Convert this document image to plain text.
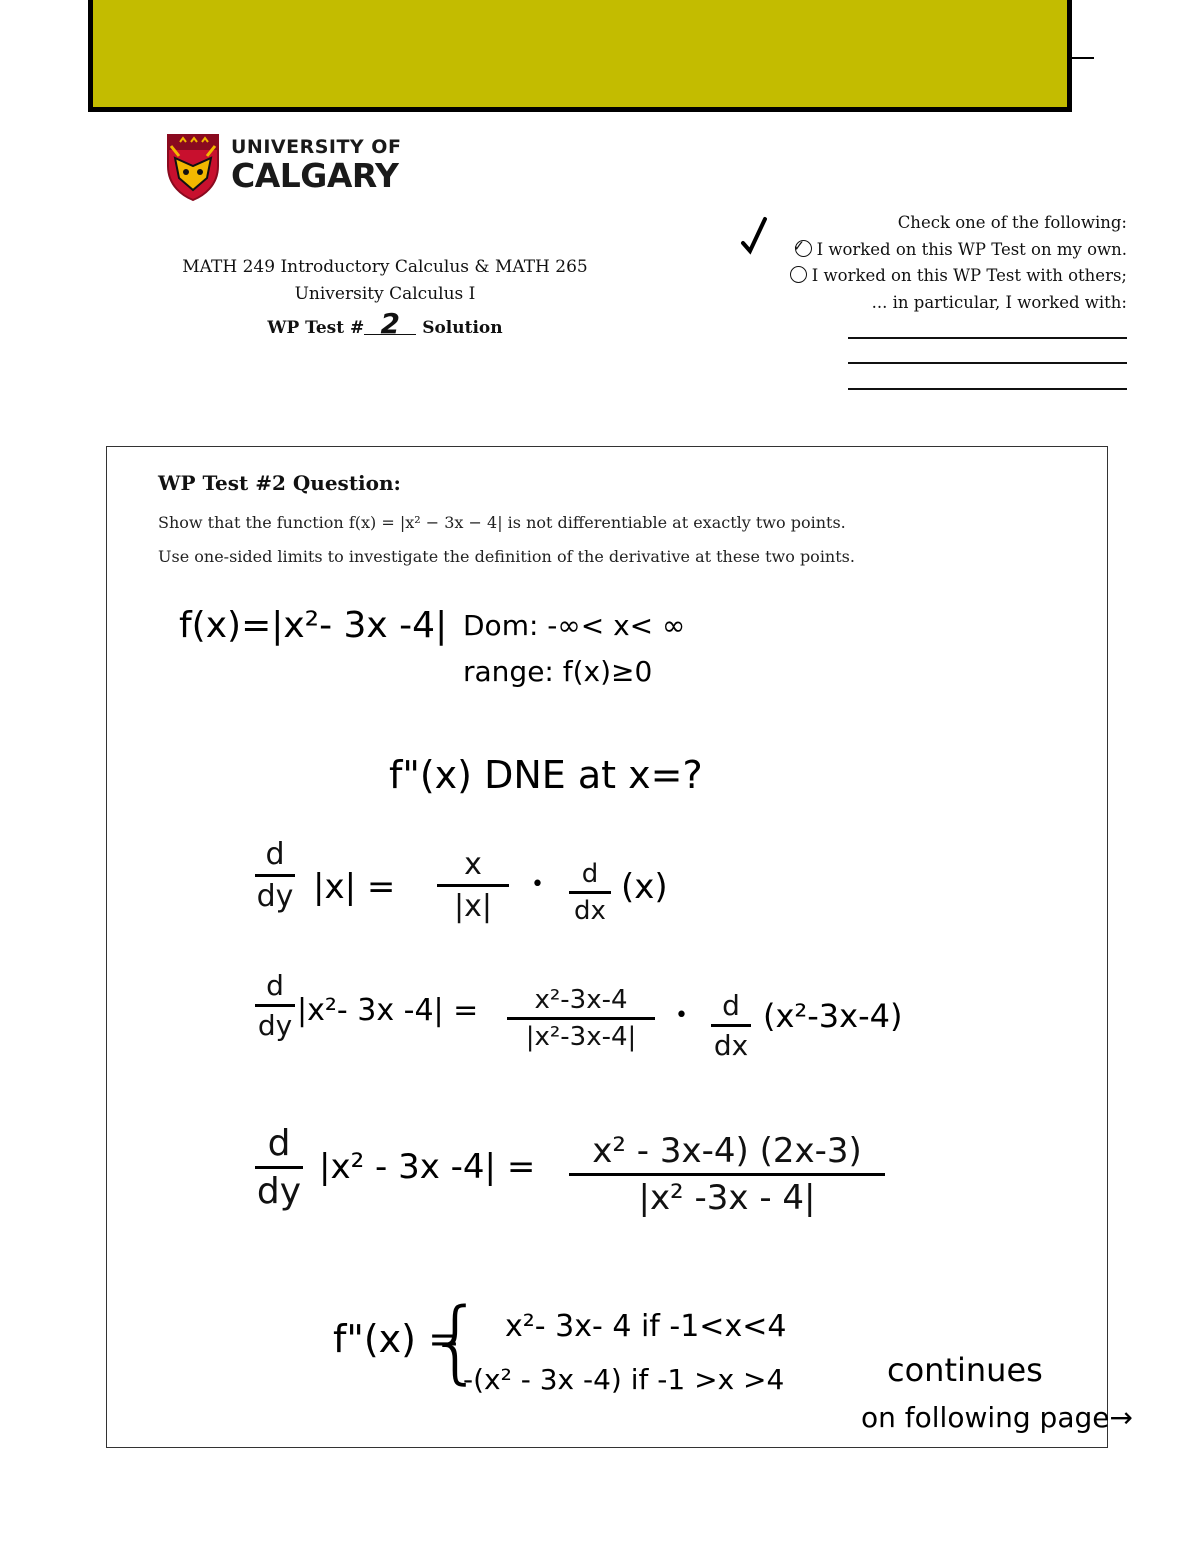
UNIVERSITY OF
CALGARY
MATH 249 Introductory Calculus & MATH 265
University Calculus I
WP Test # 2 Solution
Check one of the following:
✓ I worked on this WP Test on my own.
I worked on this WP Test with others;
... in particular, I worked with:
WP Test #2 Question:
Show that the function f(x) = |x² − 3x − 4| is not differentiable at exactly two points.
Use one-sided limits to investigate the definition of the derivative at these two points.
f(x)=|x²- 3x -4| Dom: -∞< x< ∞
range: f(x)≥0
f"(x) DNE at x=?
d
dy |x| =
x
|x|
•	d
dx
(x)
d
dy |x²- 3x -4| =	x²-3x-4
|x²-3x-4|
•	d
dx
(x²-3x-4)
d
dy
|x² - 3x -4| =	x² - 3x-4) (2x-3)
|x² -3x - 4|
f"(x) =
{ x²- 3x- 4 if -1<x<4
-(x² - 3x -4) if -1 >x >4	continues
on following page→
